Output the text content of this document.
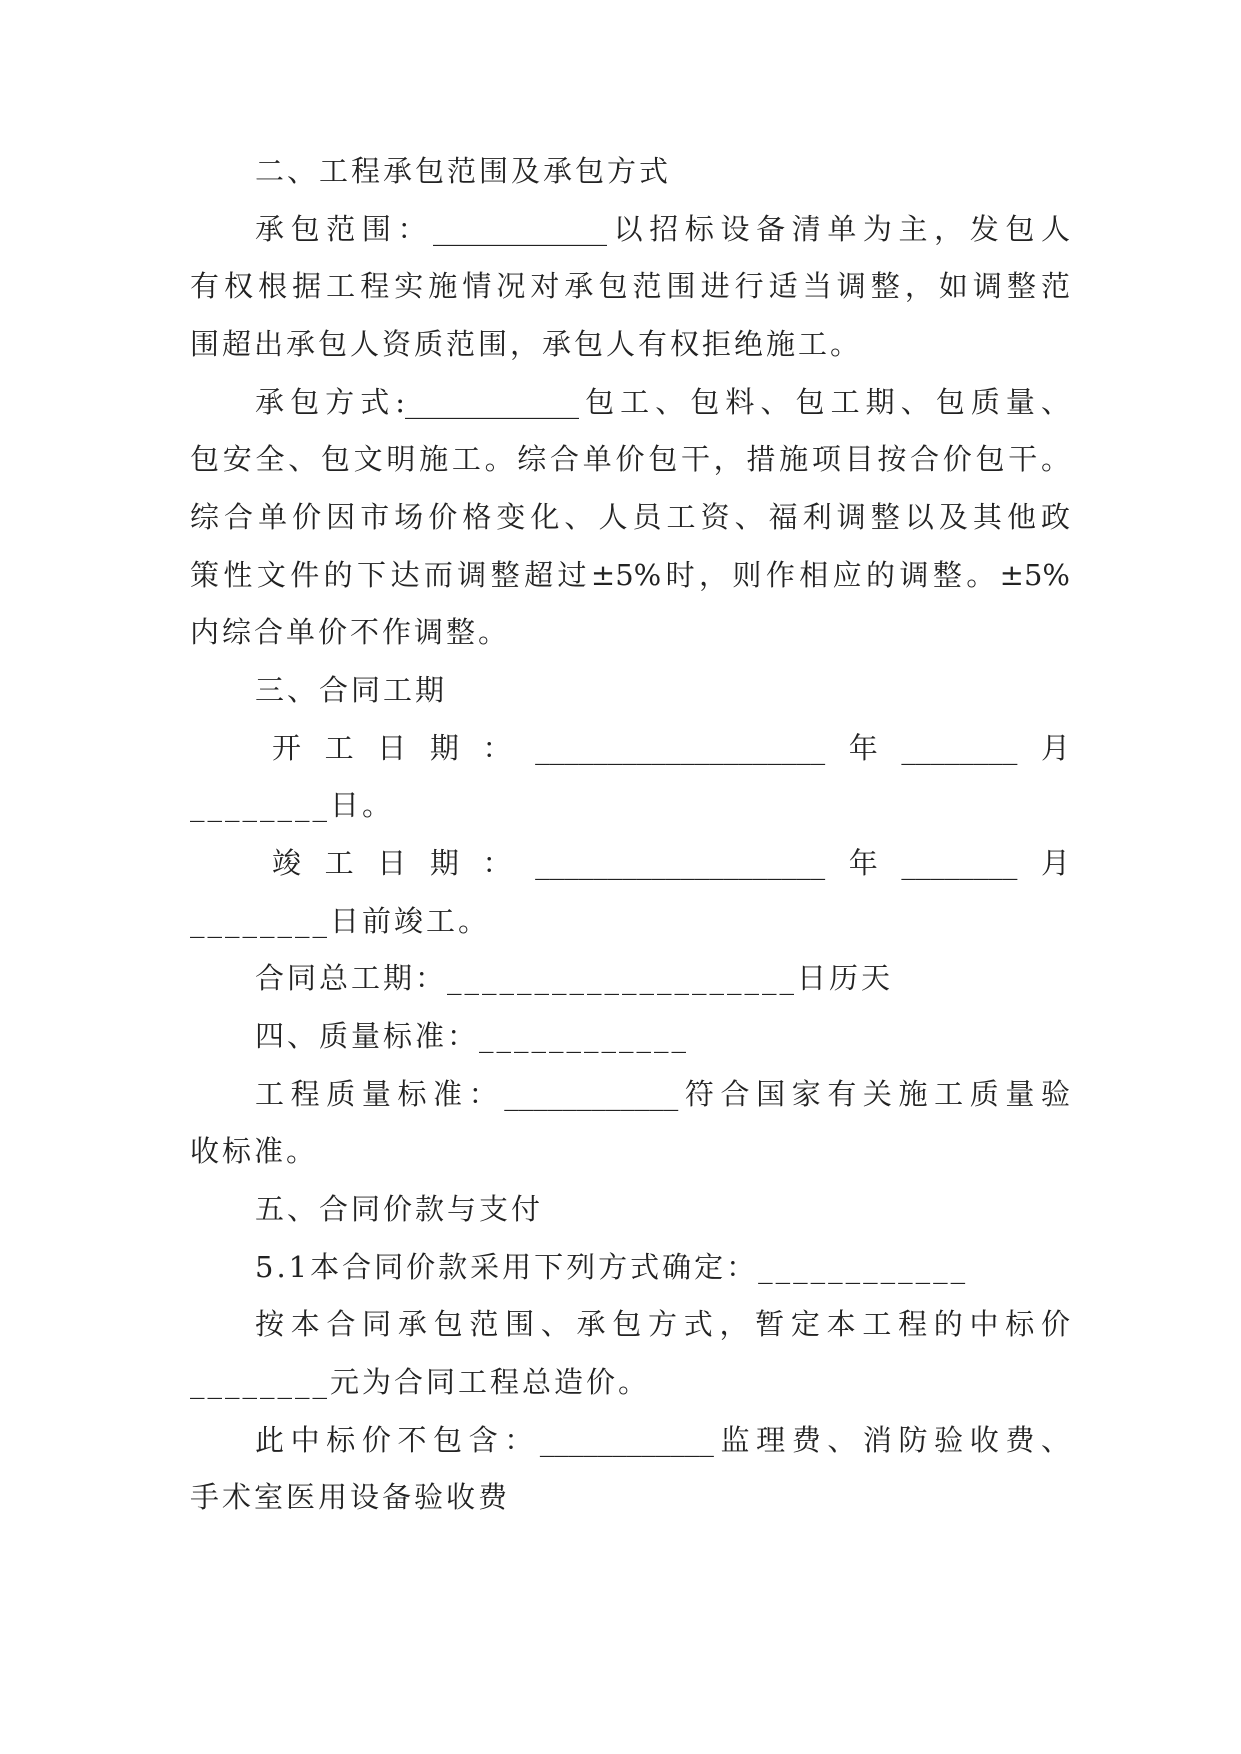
二、工程承包范围及承包方式
承包范围：____________以招标设备清单为主，发包人
有权根据工程实施情况对承包范围进行适当调整，如调整范
围超出承包人资质范围，承包人有权拒绝施工。
承包方式:____________包工、包料、包工期、包质量、
包安全、包文明施工。综合单价包干，措施项目按合价包干。
综合单价因市场价格变化、人员工资、福利调整以及其他政
策性文件的下达而调整超过±5%时，则作相应的调整。±5%
内综合单价不作调整。
三、合同工期
开工日期：____________________年________月
________日。
竣工日期：____________________年________月
________日前竣工。
合同总工期：____________________日历天
四、质量标准：____________
工程质量标准：____________符合国家有关施工质量验
收标准。
五、合同价款与支付
5.1本合同价款采用下列方式确定：____________
按本合同承包范围、承包方式，暂定本工程的中标价
________元为合同工程总造价。
此中标价不包含：____________监理费、消防验收费、
手术室医用设备验收费
